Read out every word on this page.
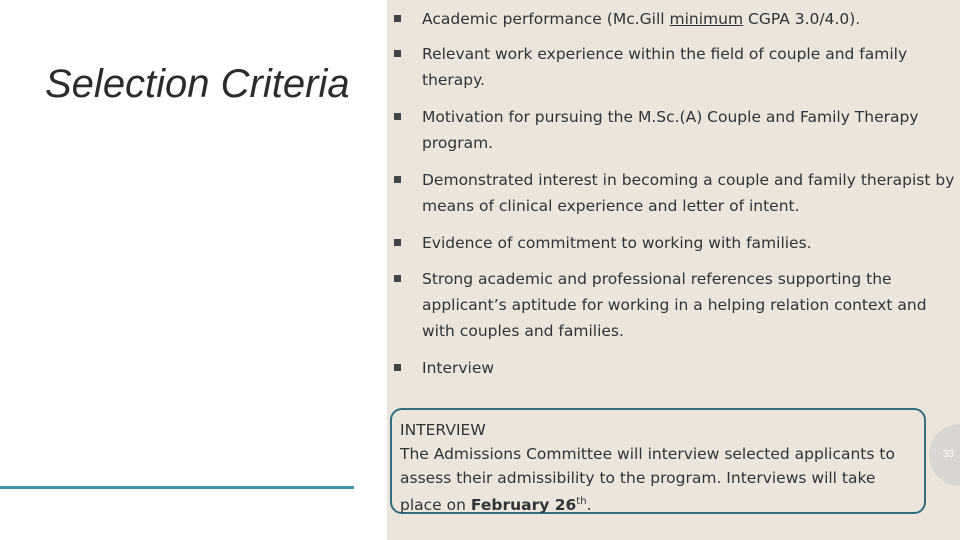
Selection Criteria
Academic performance (Mc.Gill minimum CGPA 3.0/4.0).
Relevant work experience within the field of couple and family therapy.
Motivation for pursuing the M.Sc.(A) Couple and Family Therapy program.
Demonstrated interest in becoming a couple and family therapist by means of clinical experience and letter of intent.
Evidence of commitment to working with families.
Strong academic and professional references supporting the applicant’s aptitude for working in a helping relation context and with couples and families.
Interview
INTERVIEW
The Admissions Committee will interview selected applicants to assess their admissibility to the program. Interviews will take place on February 26th.
33
